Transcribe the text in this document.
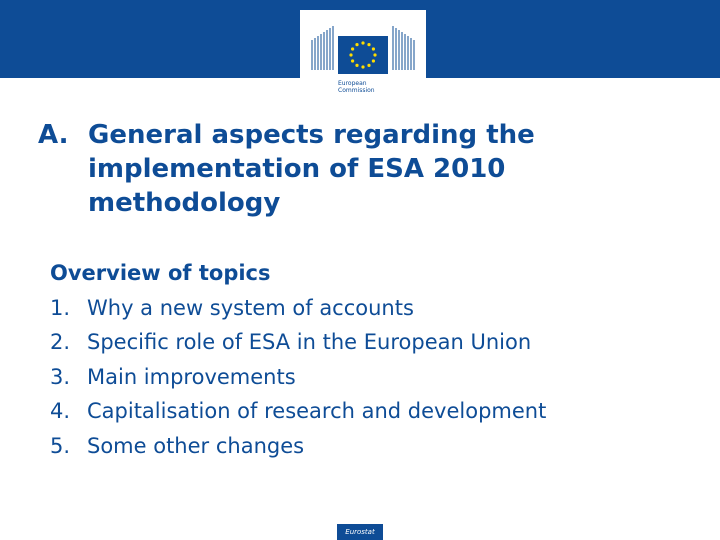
European
Commission
A. General aspects regarding the
implementation of ESA 2010
methodology
Overview of topics
1. Why a new system of accounts
2. Specific role of ESA in the European Union
3. Main improvements
4. Capitalisation of research and development
5. Some other changes
Eurostat
